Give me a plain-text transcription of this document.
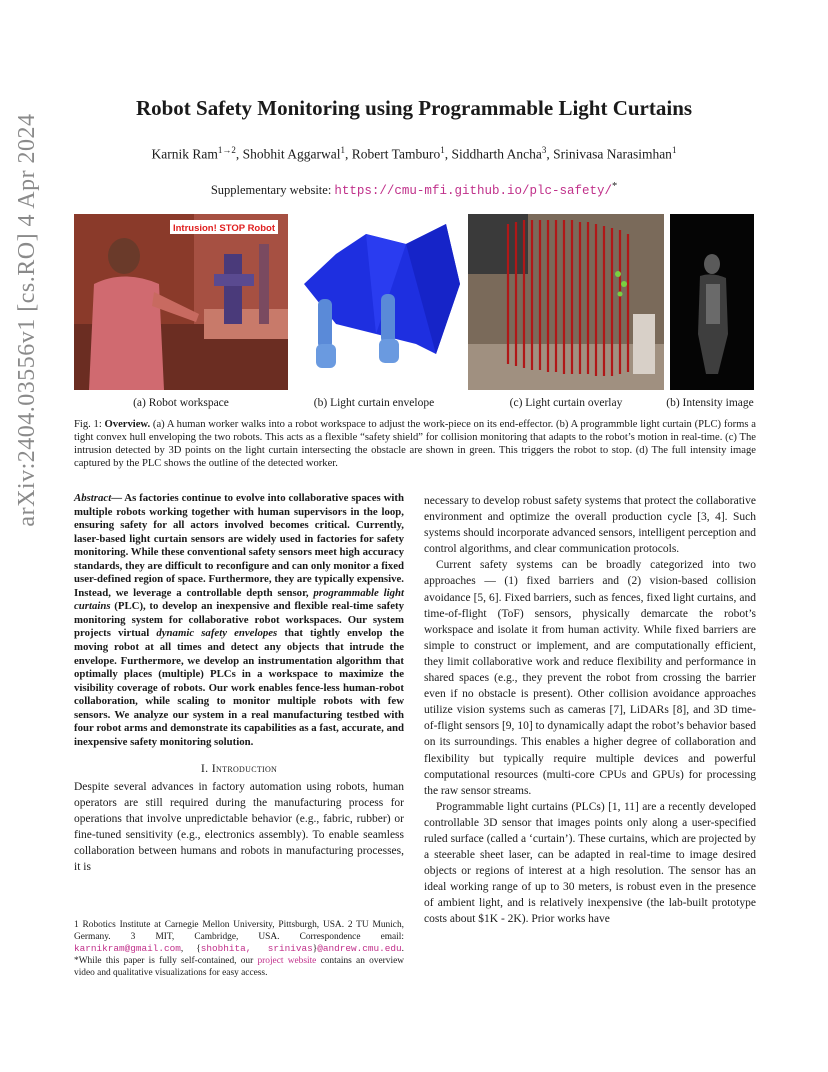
Robot Safety Monitoring using Programmable Light Curtains
Karnik Ram$^{1\to 2}$, Shobhit Aggarwal$^1$, Robert Tamburo$^1$, Siddharth Ancha$^3$, Srinivasa Narasimhan$^1$
Supplementary website: https://cmu-mfi.github.io/plc-safety/*
arXiv:2404.03556v1 [cs.RO] 4 Apr 2024	Intrusion! STOP Robot
(a) Robot workspace	(b) Light curtain envelope	(c) Light curtain overlay	(b) Intensity image
Fig. 1: Overview. (a) A human worker walks into a robot workspace to adjust the work-piece on its end-effector. (b) A programmble light curtain (PLC) forms a tight convex hull enveloping the two robots. This acts as a flexible “safety shield” for collision monitoring that adapts to the robot’s motion in real-time. (c) The intrusion detected by 3D points on the light curtain intersecting the obstacle are shown in green. This triggers the robot to stop. (d) The full intensity image captured by the PLC shows the outline of the detected worker.
Abstract— As factories continue to evolve into collaborative spaces with multiple robots working together with human supervisors in the loop, ensuring safety for all actors involved becomes critical. Currently, laser-based light curtain sensors are widely used in factories for safety monitoring. While these conventional safety sensors meet high accuracy standards, they are difficult to reconfigure and can only monitor a fixed user-defined region of space. Furthermore, they are typically expensive. Instead, we leverage a controllable depth sensor, programmable light curtains (PLC), to develop an inexpensive and flexible real-time safety monitoring system for collaborative robot workspaces. Our system projects virtual dynamic safety envelopes that tightly envelop the moving robot at all times and detect any objects that intrude the envelope. Furthermore, we develop an instrumentation algorithm that optimally places (multiple) PLCs in a workspace to maximize the visibility coverage of robots. Our work enables fence-less human-robot collaboration, while scaling to monitor multiple robots with few sensors. We analyze our system in a real manufacturing testbed with four robot arms and demonstrate its capabilities as a fast, accurate, and inexpensive safety monitoring solution.
I. Introduction

Despite several advances in factory automation using robots, human operators are still required during the manufacturing process for operations that involve unpredictable behavior (e.g., fabric, rubber) or fine-tuned sensitivity (e.g., electronics assembly). To enable seamless collaboration between humans and robots in manufacturing processes, it is

1 Robotics Institute at Carnegie Mellon University, Pittsburgh, USA. 2 TU Munich, Germany. 3 MIT, Cambridge, USA. Correspondence email: karnikram@gmail.com, {shobhita, srinivas}@andrew.cmu.edu. *While this paper is fully self-contained, our project website contains an overview video and qualitative visualizations for easy access.

necessary to develop robust safety systems that protect the collaborative environment and optimize the overall production cycle [3, 4]. Such systems should incorporate advanced sensors, intelligent perception and control algorithms, and clear communication protocols.

Current safety systems can be broadly categorized into two approaches — (1) fixed barriers and (2) vision-based collision avoidance [5, 6]. Fixed barriers, such as fences, fixed light curtains, and time-of-flight (ToF) sensors, physically demarcate the robot’s workspace and isolate it from human activity. While fixed barriers are simple to construct or implement, and are computationally efficient, they limit collaborative work and reduce flexibility and performance in shared spaces (e.g., they prevent the robot from crossing the barrier even if no obstacle is present). Other collision avoidance approaches utilize vision systems such as cameras [7], LiDARs [8], and 3D time-of-flight sensors [9, 10] to dynamically adapt the robot’s behavior based on its surroundings. This enables a higher degree of collaboration and flexibility but typically require multiple devices and powerful computational resources (multi-core CPUs and GPUs) for processing the raw sensor streams.

Programmable light curtains (PLCs) [1, 11] are a recently developed controllable 3D sensor that images points only along a user-specified ruled surface (called a ‘curtain’). These curtains, which are projected by a steerable sheet laser, can be adapted in real-time to image desired objects or regions of interest at a high resolution. The sensor has an ideal working range of up to 30 meters, is robust even in the presence of ambient light, and is relatively inexpensive (the lab-built prototype costs about $1K - 2K). Prior works have
